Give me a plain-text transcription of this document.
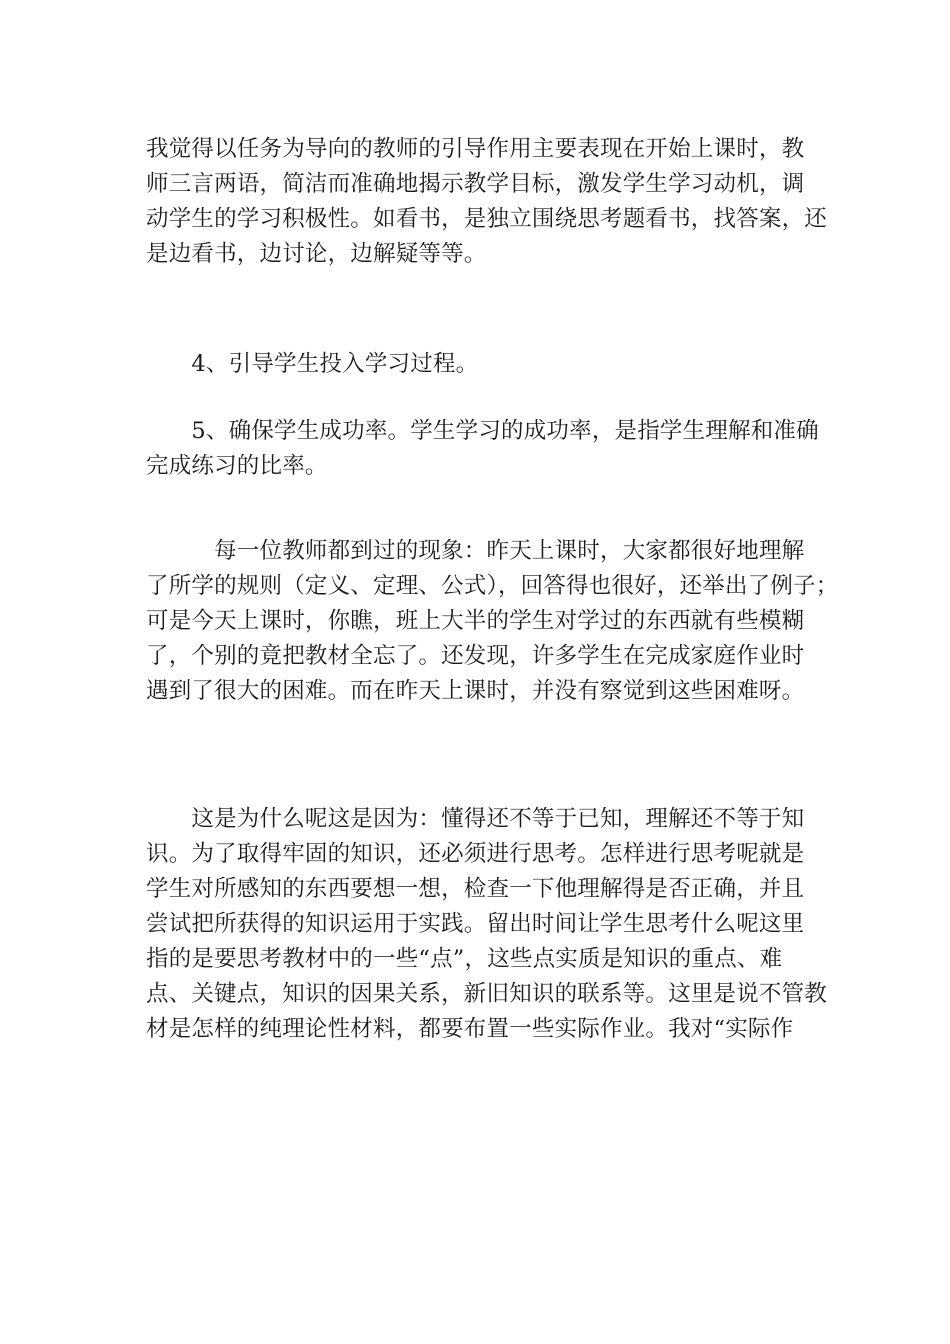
我觉得以任务为导向的教师的引导作用主要表现在开始上课时，教
师三言两语，简洁而准确地揭示教学目标，激发学生学习动机，调
动学生的学习积极性。如看书，是独立围绕思考题看书，找答案，还
是边看书，边讨论，边解疑等等。

　　4、引导学生投入学习过程。

　　5、确保学生成功率。学生学习的成功率，是指学生理解和准确
完成练习的比率。

　　　每一位教师都到过的现象：昨天上课时，大家都很好地理解
了所学的规则（定义、定理、公式），回答得也很好，还举出了例子；
可是今天上课时，你瞧，班上大半的学生对学过的东西就有些模糊
了，个别的竟把教材全忘了。还发现，许多学生在完成家庭作业时
遇到了很大的困难。而在昨天上课时，并没有察觉到这些困难呀。

　　这是为什么呢这是因为：懂得还不等于已知，理解还不等于知
识。为了取得牢固的知识，还必须进行思考。怎样进行思考呢就是
学生对所感知的东西要想一想，检查一下他理解得是否正确，并且
尝试把所获得的知识运用于实践。留出时间让学生思考什么呢这里
指的是要思考教材中的一些“点”，这些点实质是知识的重点、难
点、关键点，知识的因果关系，新旧知识的联系等。这里是说不管教
材是怎样的纯理论性材料，都要布置一些实际作业。我对“实际作
